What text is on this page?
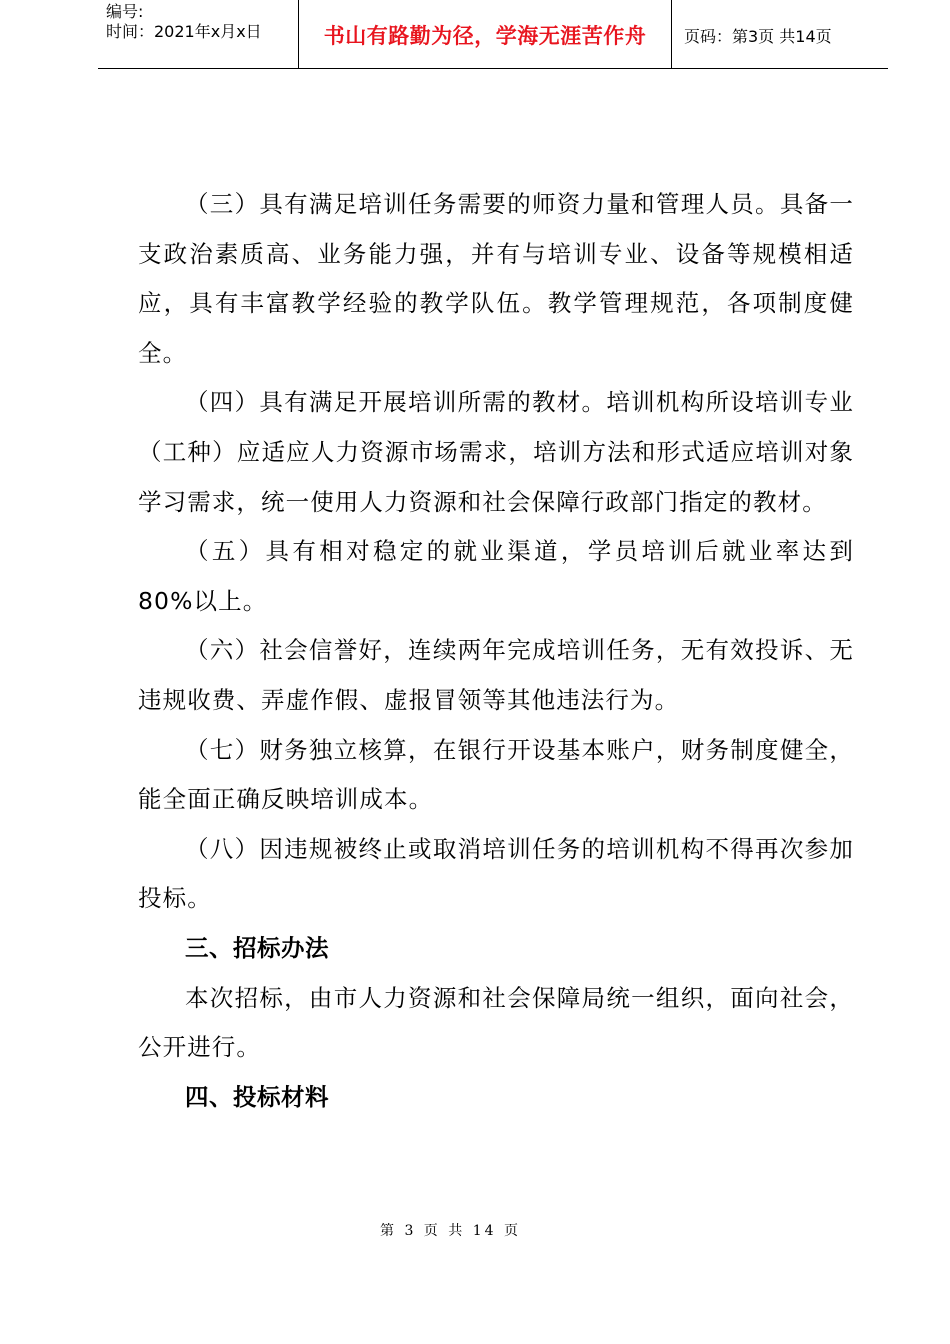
编号:
时间：2021年x月x日	书山有路勤为径，学海无涯苦作舟	页码：第3页 共14页

（三）具有满足培训任务需要的师资力量和管理人员。具备一支政治素质高、业务能力强，并有与培训专业、设备等规模相适应，具有丰富教学经验的教学队伍。教学管理规范，各项制度健全。

（四）具有满足开展培训所需的教材。培训机构所设培训专业（工种）应适应人力资源市场需求，培训方法和形式适应培训对象学习需求，统一使用人力资源和社会保障行政部门指定的教材。

（五）具有相对稳定的就业渠道，学员培训后就业率达到80%以上。

（六）社会信誉好，连续两年完成培训任务，无有效投诉、无违规收费、弄虚作假、虚报冒领等其他违法行为。

（七）财务独立核算，在银行开设基本账户，财务制度健全，能全面正确反映培训成本。

（八）因违规被终止或取消培训任务的培训机构不得再次参加投标。

三、招标办法

本次招标，由市人力资源和社会保障局统一组织，面向社会，公开进行。

四、投标材料

第 3 页 共 14 页
